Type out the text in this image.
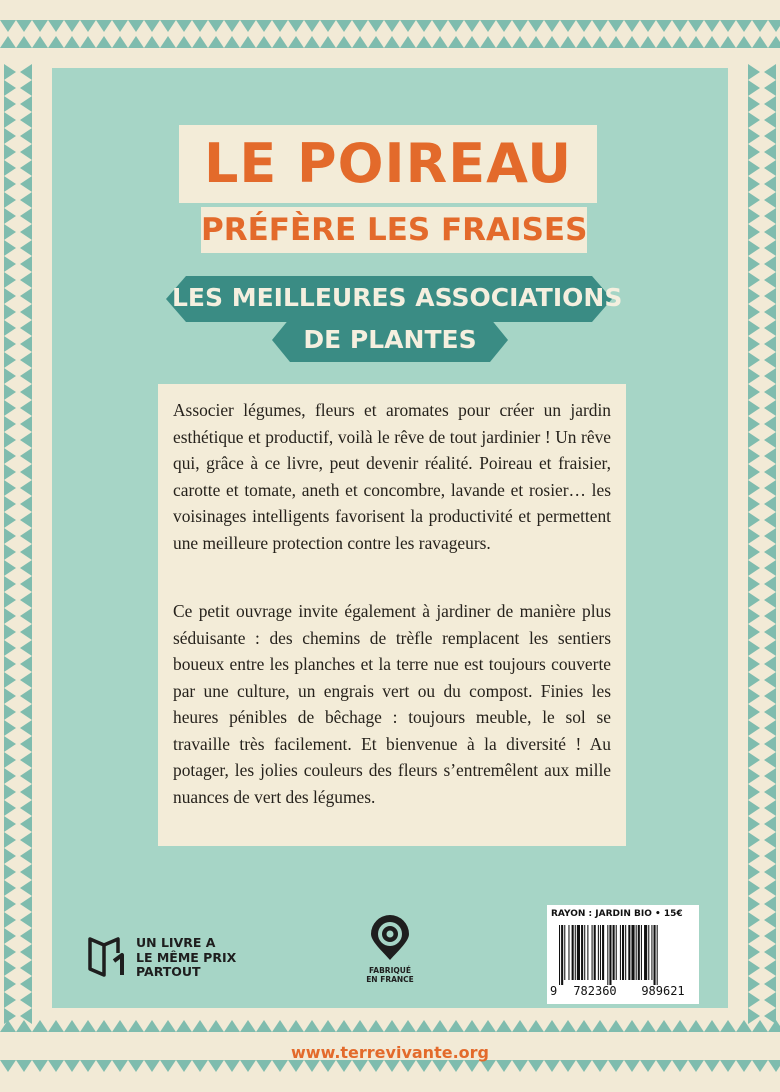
LE POIREAU
PRÉFÈRE LES FRAISES
LES MEILLEURES ASSOCIATIONS
DE PLANTES

Associer légumes, fleurs et aromates pour créer un jardin esthétique et productif, voilà le rêve de tout jardinier ! Un rêve qui, grâce à ce livre, peut devenir réalité. Poireau et fraisier, carotte et tomate, aneth et concombre, lavande et rosier… les voisinages intelligents favorisent la productivité et permettent une meilleure protection contre les ravageurs.

Ce petit ouvrage invite également à jardiner de manière plus séduisante : des chemins de trèfle remplacent les sentiers boueux entre les planches et la terre nue est toujours couverte par une culture, un engrais vert ou du compost. Finies les heures pénibles de bêchage : toujours meuble, le sol se travaille très facilement. Et bienvenue à la diversité ! Au potager, les jolies couleurs des fleurs s’entremêlent aux mille nuances de vert des légumes.

UN LIVRE A
LE MÊME PRIX
PARTOUT	FABRIQUÉ
EN FRANCE
RAYON : JARDIN BIO • 15€
9	782360	989621
www.terrevivante.org
